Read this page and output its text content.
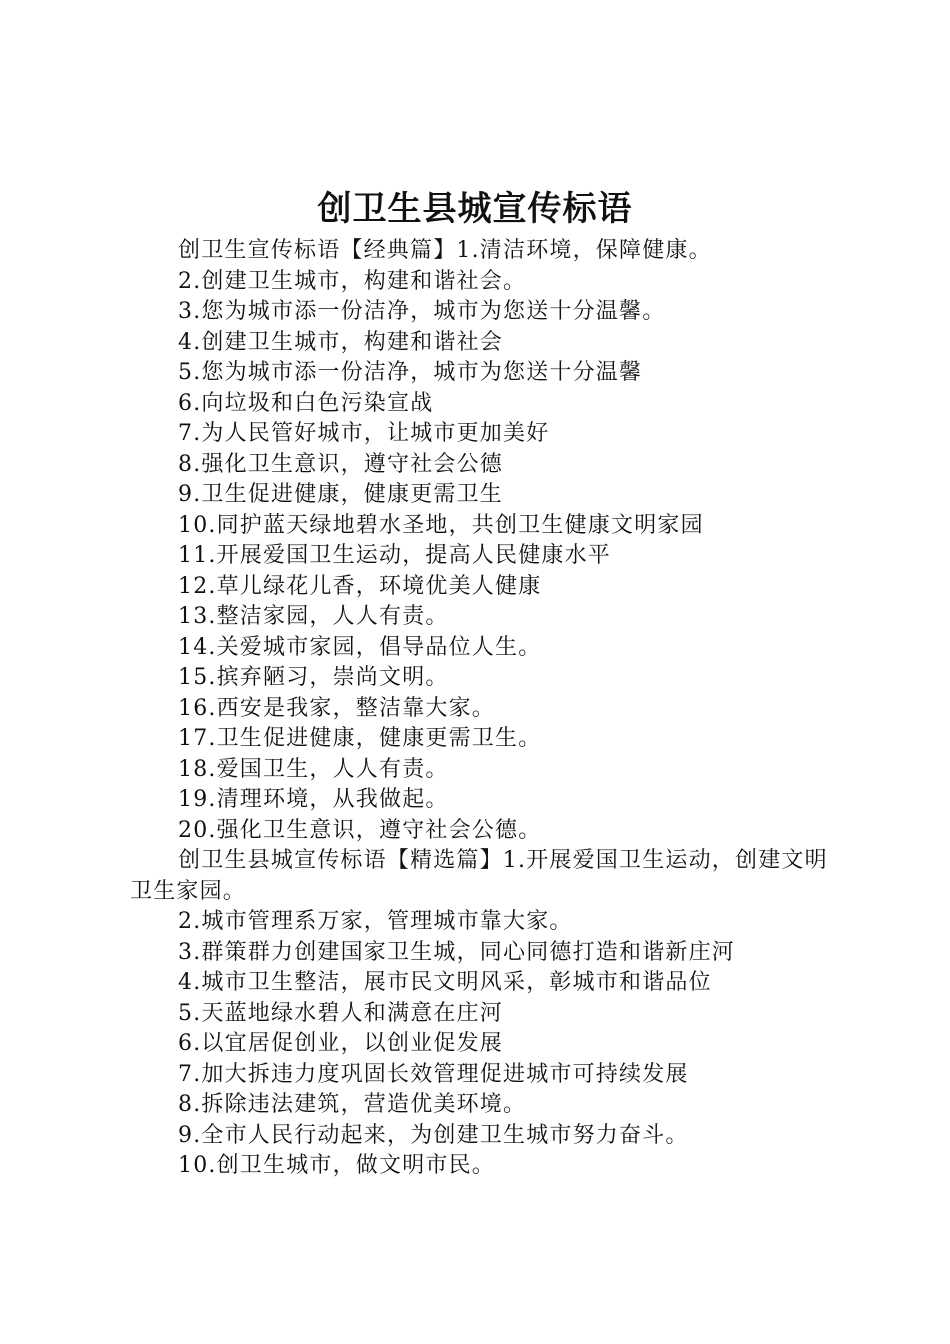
创卫生县城宣传标语
创卫生宣传标语【经典篇】1.清洁环境，保障健康。
2.创建卫生城市，构建和谐社会。
3.您为城市添一份洁净，城市为您送十分温馨。
4.创建卫生城市，构建和谐社会
5.您为城市添一份洁净，城市为您送十分温馨
6.向垃圾和白色污染宣战
7.为人民管好城市，让城市更加美好
8.强化卫生意识，遵守社会公德
9.卫生促进健康，健康更需卫生
10.同护蓝天绿地碧水圣地，共创卫生健康文明家园
11.开展爱国卫生运动，提高人民健康水平
12.草儿绿花儿香，环境优美人健康
13.整洁家园，人人有责。
14.关爱城市家园，倡导品位人生。
15.摈弃陋习，崇尚文明。
16.西安是我家，整洁靠大家。
17.卫生促进健康，健康更需卫生。
18.爱国卫生，人人有责。
19.清理环境，从我做起。
20.强化卫生意识，遵守社会公德。
创卫生县城宣传标语【精选篇】1.开展爱国卫生运动，创建文明卫生家园。
2.城市管理系万家，管理城市靠大家。
3.群策群力创建国家卫生城，同心同德打造和谐新庄河
4.城市卫生整洁，展市民文明风采，彰城市和谐品位
5.天蓝地绿水碧人和满意在庄河
6.以宜居促创业，以创业促发展
7.加大拆违力度巩固长效管理促进城市可持续发展
8.拆除违法建筑，营造优美环境。
9.全市人民行动起来，为创建卫生城市努力奋斗。
10.创卫生城市，做文明市民。
